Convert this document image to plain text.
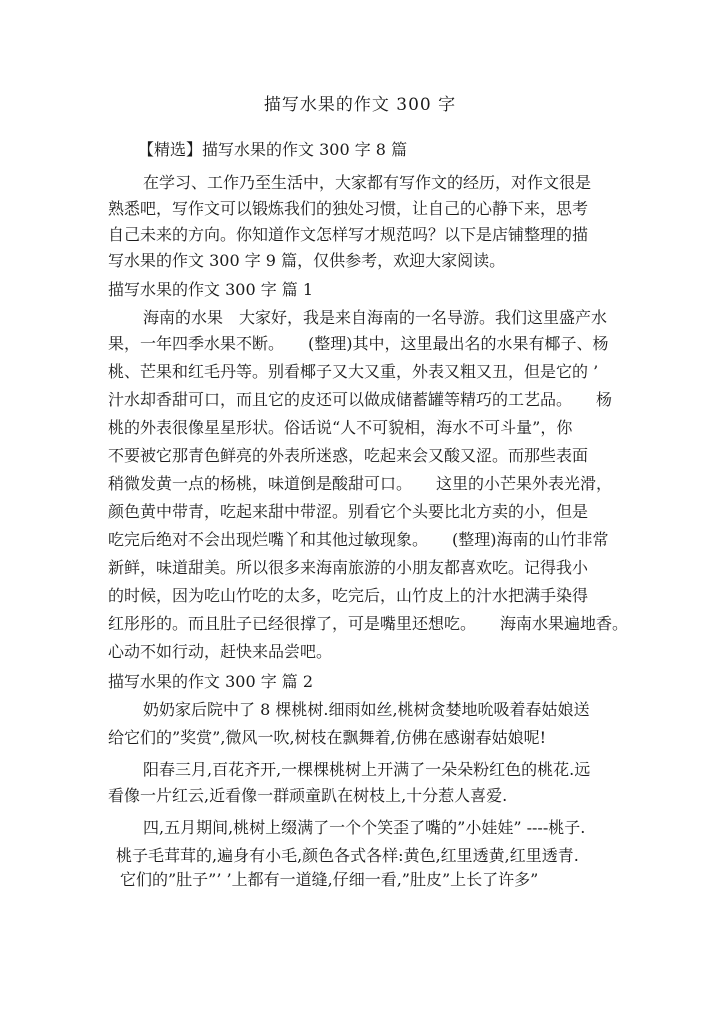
描写水果的作文 300 字
【精选】描写水果的作文 300 字 8 篇
在学习、工作乃至生活中，大家都有写作文的经历，对作文很是
熟悉吧，写作文可以锻炼我们的独处习惯，让自己的心静下来，思考
自己未来的方向。你知道作文怎样写才规范吗？以下是店铺整理的描
写水果的作文 300 字 9 篇，仅供参考，欢迎大家阅读。
描写水果的作文 300 字 篇 1
海南的水果　大家好，我是来自海南的一名导游。我们这里盛产水
果，一年四季水果不断。　　(整理)其中，这里最出名的水果有椰子、杨
桃、芒果和红毛丹等。别看椰子又大又重，外表又粗又丑，但是它的 ’
汁水却香甜可口，而且它的皮还可以做成储蓄罐等精巧的工艺品。　　杨
桃的外表很像星星形状。俗话说“人不可貌相，海水不可斗量”，你
不要被它那青色鲜亮的外表所迷惑，吃起来会又酸又涩。而那些表面
稍微发黄一点的杨桃，味道倒是酸甜可口。　　这里的小芒果外表光滑，
颜色黄中带青，吃起来甜中带涩。别看它个头要比北方卖的小，但是
吃完后绝对不会出现烂嘴丫和其他过敏现象。　　(整理)海南的山竹非常
新鲜，味道甜美。所以很多来海南旅游的小朋友都喜欢吃。记得我小
的时候，因为吃山竹吃的太多，吃完后，山竹皮上的汁水把满手染得
红彤彤的。而且肚子已经很撑了，可是嘴里还想吃。　　海南水果遍地香。
心动不如行动，赶快来品尝吧。
描写水果的作文 300 字 篇 2
奶奶家后院中了 8 棵桃树.细雨如丝,桃树贪婪地吮吸着春姑娘送
给它们的”奖赏”,微风一吹,树枝在飘舞着,仿佛在感谢春姑娘呢!
阳春三月,百花齐开,一棵棵桃树上开满了一朵朵粉红色的桃花.远
看像一片红云,近看像一群顽童趴在树枝上,十分惹人喜爱.
四,五月期间,桃树上缀满了一个个笑歪了嘴的”小娃娃” ----桃子.
桃子毛茸茸的,遍身有小毛,颜色各式各样:黄色,红里透黄,红里透青.
它们的”肚子”’ ’上都有一道缝,仔细一看,”肚皮”上长了许多”
